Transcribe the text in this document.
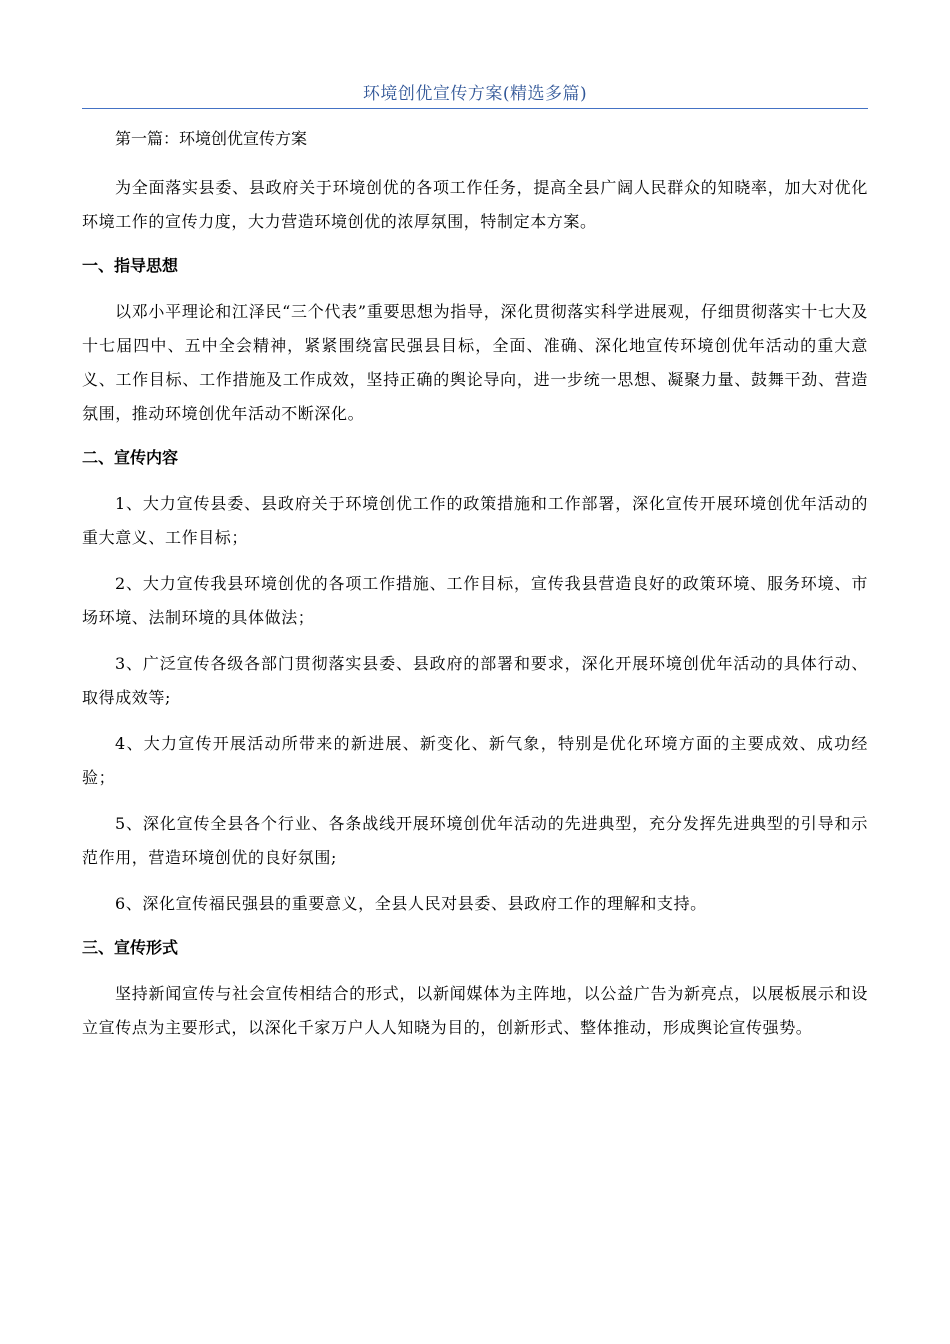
环境创优宣传方案(精选多篇)
第一篇：环境创优宣传方案

为全面落实县委、县政府关于环境创优的各项工作任务，提高全县广阔人民群众的知晓率，加大对优化环境工作的宣传力度，大力营造环境创优的浓厚氛围，特制定本方案。

一、指导思想

以邓小平理论和江泽民“三个代表”重要思想为指导，深化贯彻落实科学进展观，仔细贯彻落实十七大及十七届四中、五中全会精神，紧紧围绕富民强县目标，全面、准确、深化地宣传环境创优年活动的重大意义、工作目标、工作措施及工作成效，坚持正确的舆论导向，进一步统一思想、凝聚力量、鼓舞干劲、营造氛围，推动环境创优年活动不断深化。

二、宣传内容

1、大力宣传县委、县政府关于环境创优工作的政策措施和工作部署，深化宣传开展环境创优年活动的重大意义、工作目标；

2、大力宣传我县环境创优的各项工作措施、工作目标，宣传我县营造良好的政策环境、服务环境、市场环境、法制环境的具体做法；

3、广泛宣传各级各部门贯彻落实县委、县政府的部署和要求，深化开展环境创优年活动的具体行动、取得成效等;

4、大力宣传开展活动所带来的新进展、新变化、新气象，特别是优化环境方面的主要成效、成功经验；

5、深化宣传全县各个行业、各条战线开展环境创优年活动的先进典型，充分发挥先进典型的引导和示范作用，营造环境创优的良好氛围;

6、深化宣传福民强县的重要意义，全县人民对县委、县政府工作的理解和支持。

三、宣传形式

坚持新闻宣传与社会宣传相结合的形式，以新闻媒体为主阵地，以公益广告为新亮点，以展板展示和设立宣传点为主要形式，以深化千家万户人人知晓为目的，创新形式、整体推动，形成舆论宣传强势。
